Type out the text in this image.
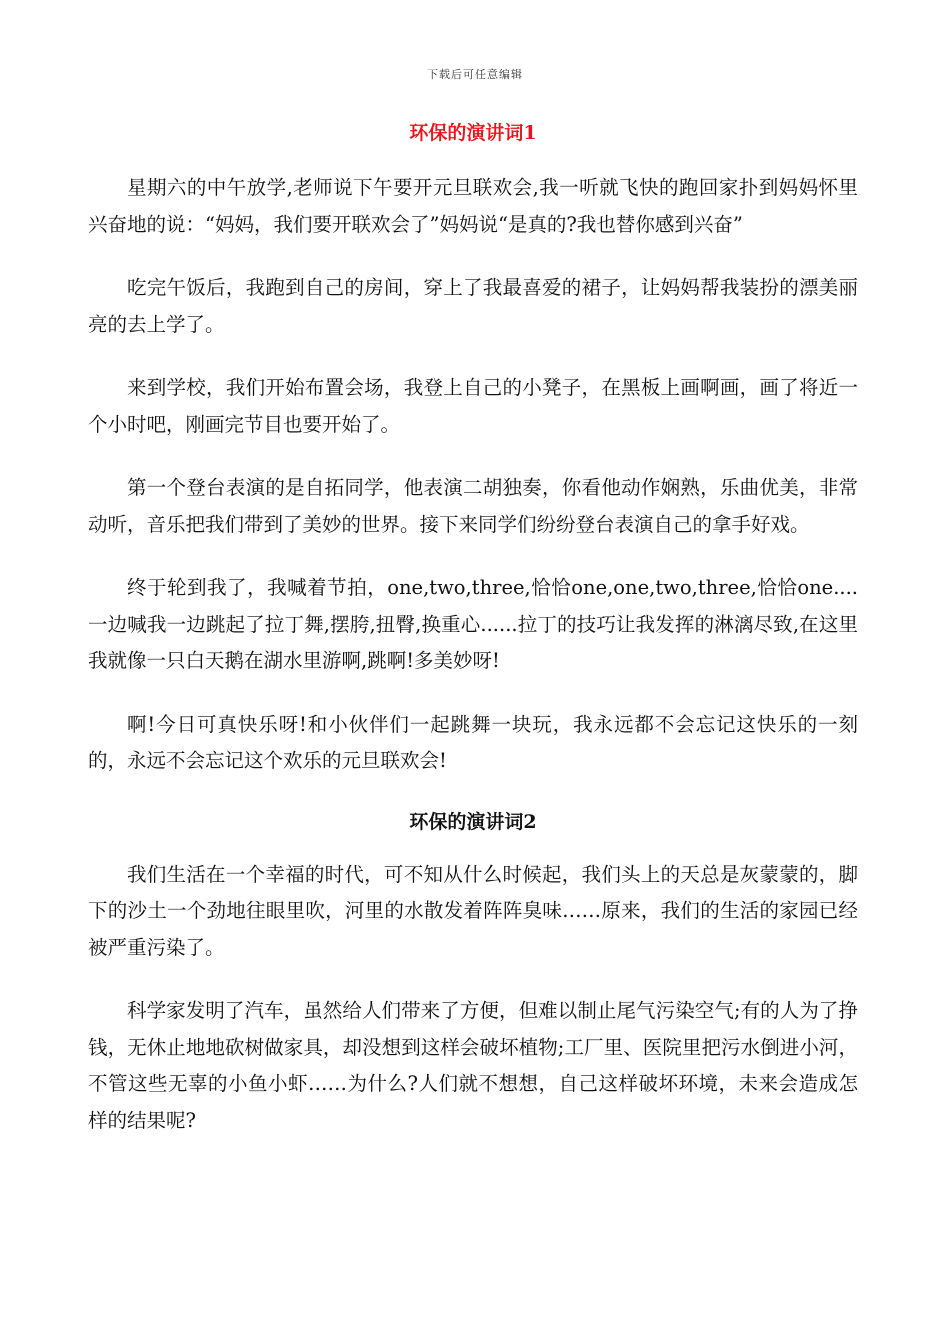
下载后可任意编辑
环保的演讲词1

星期六的中午放学,老师说下午要开元旦联欢会,我一听就飞快的跑回家扑到妈妈怀里兴奋地的说：“妈妈，我们要开联欢会了”妈妈说“是真的?我也替你感到兴奋”

吃完午饭后，我跑到自己的房间，穿上了我最喜爱的裙子，让妈妈帮我装扮的漂美丽亮的去上学了。

来到学校，我们开始布置会场，我登上自己的小凳子，在黑板上画啊画，画了将近一个小时吧，刚画完节目也要开始了。

第一个登台表演的是自拓同学，他表演二胡独奏，你看他动作娴熟，乐曲优美，非常动听，音乐把我们带到了美妙的世界。接下来同学们纷纷登台表演自己的拿手好戏。

终于轮到我了，我喊着节拍，one,two,three,恰恰one,one,two,three,恰恰one....一边喊我一边跳起了拉丁舞,摆胯,扭臀,换重心......拉丁的技巧让我发挥的淋漓尽致,在这里我就像一只白天鹅在湖水里游啊,跳啊!多美妙呀!

啊!今日可真快乐呀!和小伙伴们一起跳舞一块玩，我永远都不会忘记这快乐的一刻的，永远不会忘记这个欢乐的元旦联欢会!

环保的演讲词2

我们生活在一个幸福的时代，可不知从什么时候起，我们头上的天总是灰蒙蒙的，脚下的沙土一个劲地往眼里吹，河里的水散发着阵阵臭味……原来，我们的生活的家园已经被严重污染了。

科学家发明了汽车，虽然给人们带来了方便，但难以制止尾气污染空气;有的人为了挣钱，无休止地地砍树做家具，却没想到这样会破坏植物;工厂里、医院里把污水倒进小河，不管这些无辜的小鱼小虾……为什么?人们就不想想，自己这样破坏环境，未来会造成怎样的结果呢?
